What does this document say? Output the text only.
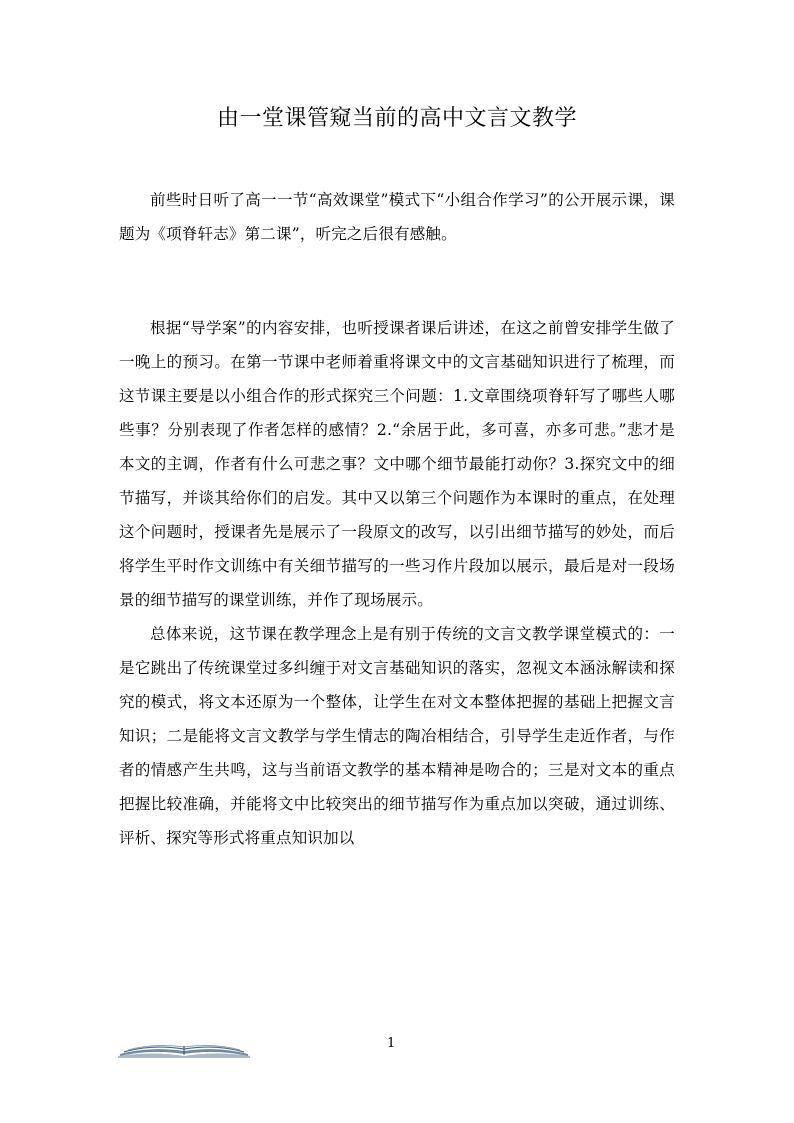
由一堂课管窥当前的高中文言文教学

前些时日听了高一一节“高效课堂”模式下“小组合作学习”的公开展示课，课题为《项脊轩志》第二课”，听完之后很有感触。

根据“导学案”的内容安排，也听授课者课后讲述，在这之前曾安排学生做了一晚上的预习。在第一节课中老师着重将课文中的文言基础知识进行了梳理，而这节课主要是以小组合作的形式探究三个问题：1.文章围绕项脊轩写了哪些人哪些事？分别表现了作者怎样的感情？2.“余居于此，多可喜，亦多可悲。”悲才是本文的主调，作者有什么可悲之事？文中哪个细节最能打动你？3.探究文中的细节描写，并谈其给你们的启发。其中又以第三个问题作为本课时的重点，在处理这个问题时，授课者先是展示了一段原文的改写，以引出细节描写的妙处，而后将学生平时作文训练中有关细节描写的一些习作片段加以展示，最后是对一段场景的细节描写的课堂训练，并作了现场展示。

总体来说，这节课在教学理念上是有别于传统的文言文教学课堂模式的：一是它跳出了传统课堂过多纠缠于对文言基础知识的落实，忽视文本涵泳解读和探究的模式，将文本还原为一个整体，让学生在对文本整体把握的基础上把握文言知识；二是能将文言文教学与学生情志的陶冶相结合，引导学生走近作者，与作者的情感产生共鸣，这与当前语文教学的基本精神是吻合的；三是对文本的重点把握比较准确，并能将文中比较突出的细节描写作为重点加以突破，通过训练、评析、探究等形式将重点知识加以

1
